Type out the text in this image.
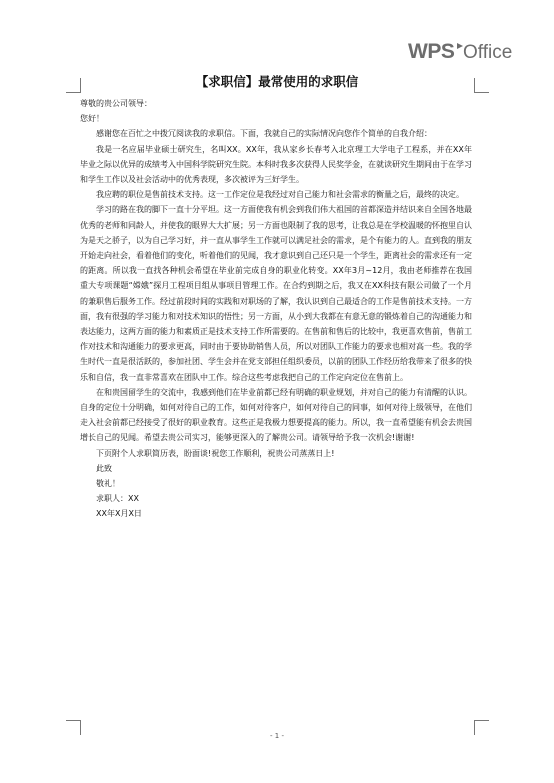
WPS Office
【求职信】最常使用的求职信

尊敬的贵公司领导：

您好！

感谢您在百忙之中拨冗阅读我的求职信。下面，我就自己的实际情况向您作个简单的自我介绍：

我是一名应届毕业硕士研究生，名叫XX。XX年，我从家乡长春考入北京理工大学电子工程系，并在XX年毕业之际以优异的成绩考入中国科学院研究生院。本科时我多次获得人民奖学金，在就读研究生期间由于在学习和学生工作以及社会活动中的优秀表现，多次被评为三好学生。

我应聘的职位是售前技术支持。这一工作定位是我经过对自己能力和社会需求的衡量之后，最终的决定。

学习的路在我的脚下一直十分平坦。这一方面使我有机会到我们伟大祖国的首都深造并结识来自全国各地最优秀的老师和同龄人，并使我的眼界大大扩展；另一方面也限制了我的思考，让我总是在学校温暖的怀抱里自认为是天之骄子，以为自己学习好，并一直从事学生工作就可以满足社会的需求，是个有能力的人。直到我的朋友开始走向社会，看着他们的变化，听着他们的见闻，我才意识到自己还只是一个学生，距离社会的需求还有一定的距离。所以我一直找各种机会希望在毕业前完成自身的职业化转变。XX年3月~12月，我由老师推荐在我国重大专项课题“嫦娥”探月工程项目组从事项目管理工作。在合约到期之后，我又在XX科技有限公司做了一个月的兼职售后服务工作。经过前段时间的实践和对职场的了解，我认识到自己最适合的工作是售前技术支持。一方面，我有很强的学习能力和对技术知识的悟性；另一方面，从小到大我都在有意无意的锻炼着自己的沟通能力和表达能力，这两方面的能力和素质正是技术支持工作所需要的。在售前和售后的比较中，我更喜欢售前，售前工作对技术和沟通能力的要求更高，同时由于要协助销售人员，所以对团队工作能力的要求也相对高一些。我的学生时代一直是很活跃的，参加社团、学生会并在党支部担任组织委员，以前的团队工作经历给我带来了很多的快乐和自信，我一直非常喜欢在团队中工作。综合这些考虑我把自己的工作定向定位在售前上。

在和贵国留学生的交流中，我感到他们在毕业前都已经有明确的职业规划，并对自己的能力有清醒的认识。自身的定位十分明确，如何对待自己的工作，如何对待客户，如何对待自己的同事，如何对待上级领导，在他们走入社会前都已经接受了很好的职业教育。这些正是我极力想要提高的能力。所以，我一直希望能有机会去贵国增长自己的见闻。希望去贵公司实习，能够更深入的了解贵公司。请领导给予我一次机会!谢谢!

下页附个人求职简历表，盼面谈!祝您工作顺利，祝贵公司蒸蒸日上!

此致

敬礼！

求职人：XX

XX年X月X日

- 1 -
